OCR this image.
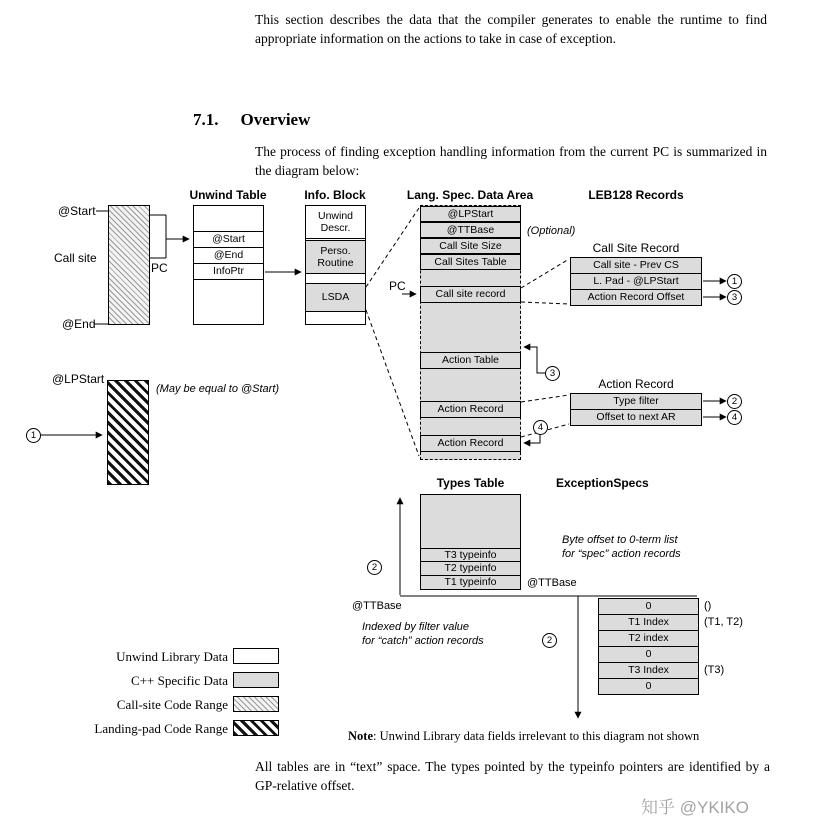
This section describes the data that the compiler generates to enable the runtime to find appropriate information on the actions to take in case of exception.

7.1. Overview

The process of finding exception handling information from the current PC is summarized in the diagram below:

Unwind Table	Info. Block	Lang. Spec. Data Area	LEB128 Records
@Start
Call site
@End
PC
@Start
@End
InfoPtr
Unwind Descr.
Perso. Routine
LSDA
@LPStart
@TTBase
Call Site Size
Call Sites Table
Call site record
Action Table
Action Record
Action Record
(Optional)
PC
Call Site Record
Call site - Prev CS
L. Pad - @LPStart
Action Record Offset
Action Record
Type filter
Offset to next AR
@LPStart
(May be equal to @Start)
Types Table
T3 typeinfo
T2 typeinfo
T1 typeinfo
@TTBase
Indexed by filter value
for “catch” action records
ExceptionSpecs
Byte offset to 0-term list
for “spec” action records
@TTBase
0
T1 Index
T2 index
0
T3 Index
0
()
(T1, T2)
(T3)
1
3
2
4
3
4
1
2
2
Unwind Library Data
C++ Specific Data
Call-site Code Range
Landing-pad Code Range	Note: Unwind Library data fields irrelevant to this diagram not shown

All tables are in “text” space. The types pointed by the typeinfo pointers are identified by a GP-relative offset.

知乎 @YKIKO
